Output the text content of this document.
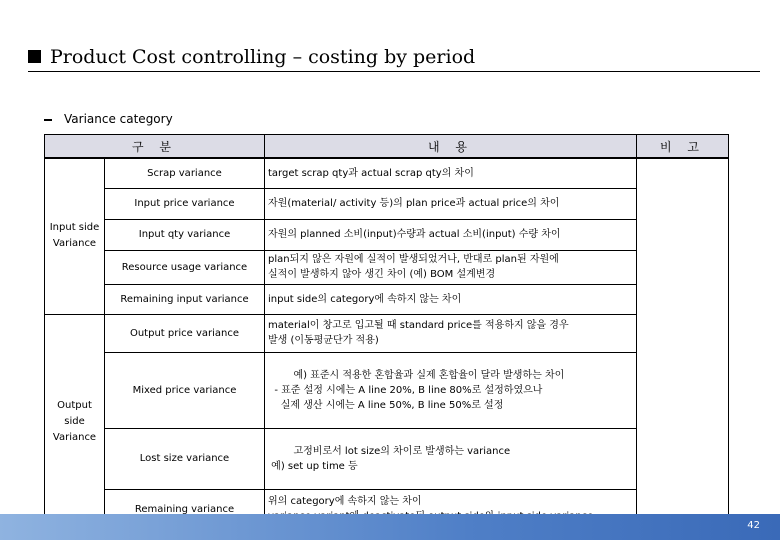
Product Cost controlling – costing by period
Variance category
구 분		내 용	비 고
Input side
Variance	Scrap variance	target scrap qty과 actual scrap qty의 차이	
	Input price variance	자원(material/ activity 등)의 plan price과 actual price의 차이	
	Input qty variance	자원의 planned 소비(input)수량과 actual 소비(input) 수량 차이	
	Resource usage variance	plan되지 않은 자원에 실적이 발생되었거나, 반대로 plan된 자원에
실적이 발생하지 않아 생긴 차이 (예) BOM 설계변경	
	Remaining input variance	input side의 category에 속하지 않는 차이	
Output
side
Variance	Output price variance	material이 창고로 입고될 때 standard price를 적용하지 않을 경우
발생 (이동평균단가 적용)	
	Mixed price variance	예) 표준시 적용한 혼합율과 실제 혼합율이 달라 발생하는 차이
- 표준 설정 시에는 A line 20%, B line 80%로 설정하였으나
실제 생산 시에는 A line 50%, B line 50%로 설정	

	Lost size variance	고정비로서 lot size의 차이로 발생하는 variance
예) set up time 등	

	Remaining variance	위의 category에 속하지 않는 차이	

42
